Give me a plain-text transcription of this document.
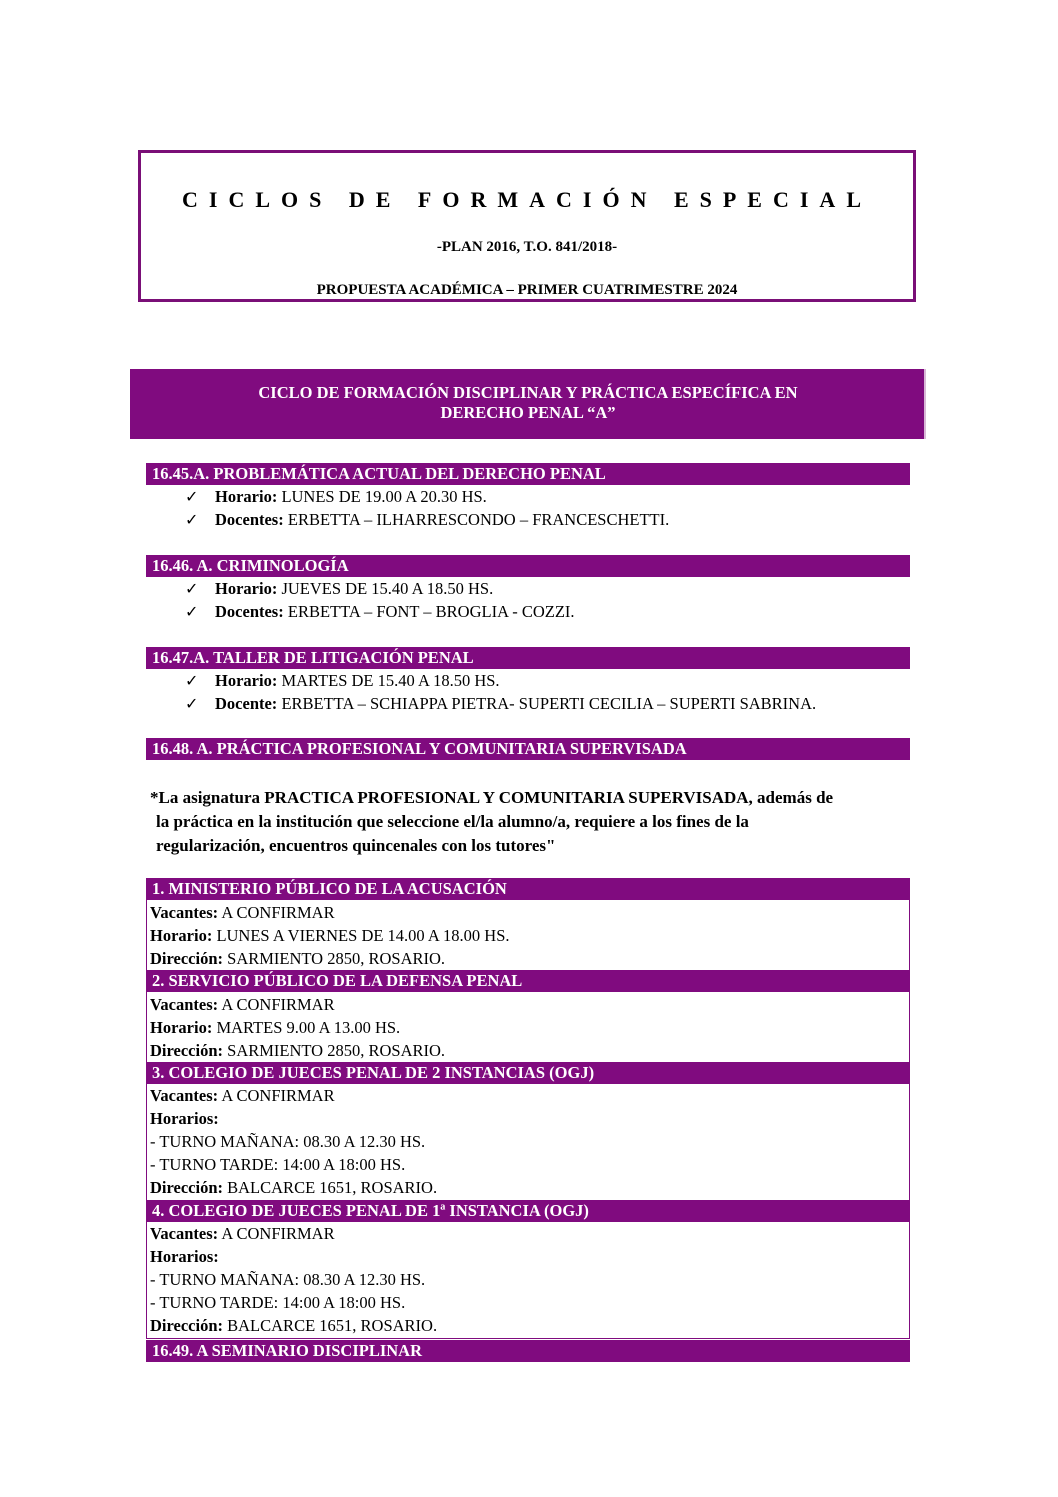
CICLOS DE FORMACIÓN ESPECIAL
-PLAN 2016, T.O. 841/2018-
PROPUESTA ACADÉMICA – PRIMER CUATRIMESTRE 2024
CICLO DE FORMACIÓN DISCIPLINAR Y PRÁCTICA ESPECÍFICA EN
DERECHO PENAL “A”
16.45.A. PROBLEMÁTICA ACTUAL DEL DERECHO PENAL
✓ Horario: LUNES DE 19.00 A 20.30 HS.
✓ Docentes: ERBETTA – ILHARRESCONDO – FRANCESCHETTI.
16.46. A. CRIMINOLOGÍA
✓ Horario: JUEVES DE 15.40 A 18.50 HS.
✓ Docentes: ERBETTA – FONT – BROGLIA - COZZI.
16.47.A. TALLER DE LITIGACIÓN PENAL
✓ Horario: MARTES DE 15.40 A 18.50 HS.
✓ Docente: ERBETTA – SCHIAPPA PIETRA- SUPERTI CECILIA – SUPERTI SABRINA.
16.48. A. PRÁCTICA PROFESIONAL Y COMUNITARIA SUPERVISADA
*La asignatura PRACTICA PROFESIONAL Y COMUNITARIA SUPERVISADA, además de
la práctica en la institución que seleccione el/la alumno/a, requiere a los fines de la
regularización, encuentros quincenales con los tutores"
1. MINISTERIO PÚBLICO DE LA ACUSACIÓN
Vacantes: A CONFIRMAR
Horario: LUNES A VIERNES DE 14.00 A 18.00 HS.
Dirección: SARMIENTO 2850, ROSARIO.
2. SERVICIO PÚBLICO DE LA DEFENSA PENAL
Vacantes: A CONFIRMAR
Horario: MARTES 9.00 A 13.00 HS.
Dirección: SARMIENTO 2850, ROSARIO.
3. COLEGIO DE JUECES PENAL DE 2 INSTANCIAS (OGJ)
Vacantes: A CONFIRMAR
Horarios:
- TURNO MAÑANA: 08.30 A 12.30 HS.
- TURNO TARDE: 14:00 A 18:00 HS.
Dirección: BALCARCE 1651, ROSARIO.
4. COLEGIO DE JUECES PENAL DE 1ª INSTANCIA (OGJ)
Vacantes: A CONFIRMAR
Horarios:
- TURNO MAÑANA: 08.30 A 12.30 HS.
- TURNO TARDE: 14:00 A 18:00 HS.
Dirección: BALCARCE 1651, ROSARIO.
16.49. A SEMINARIO DISCIPLINAR
